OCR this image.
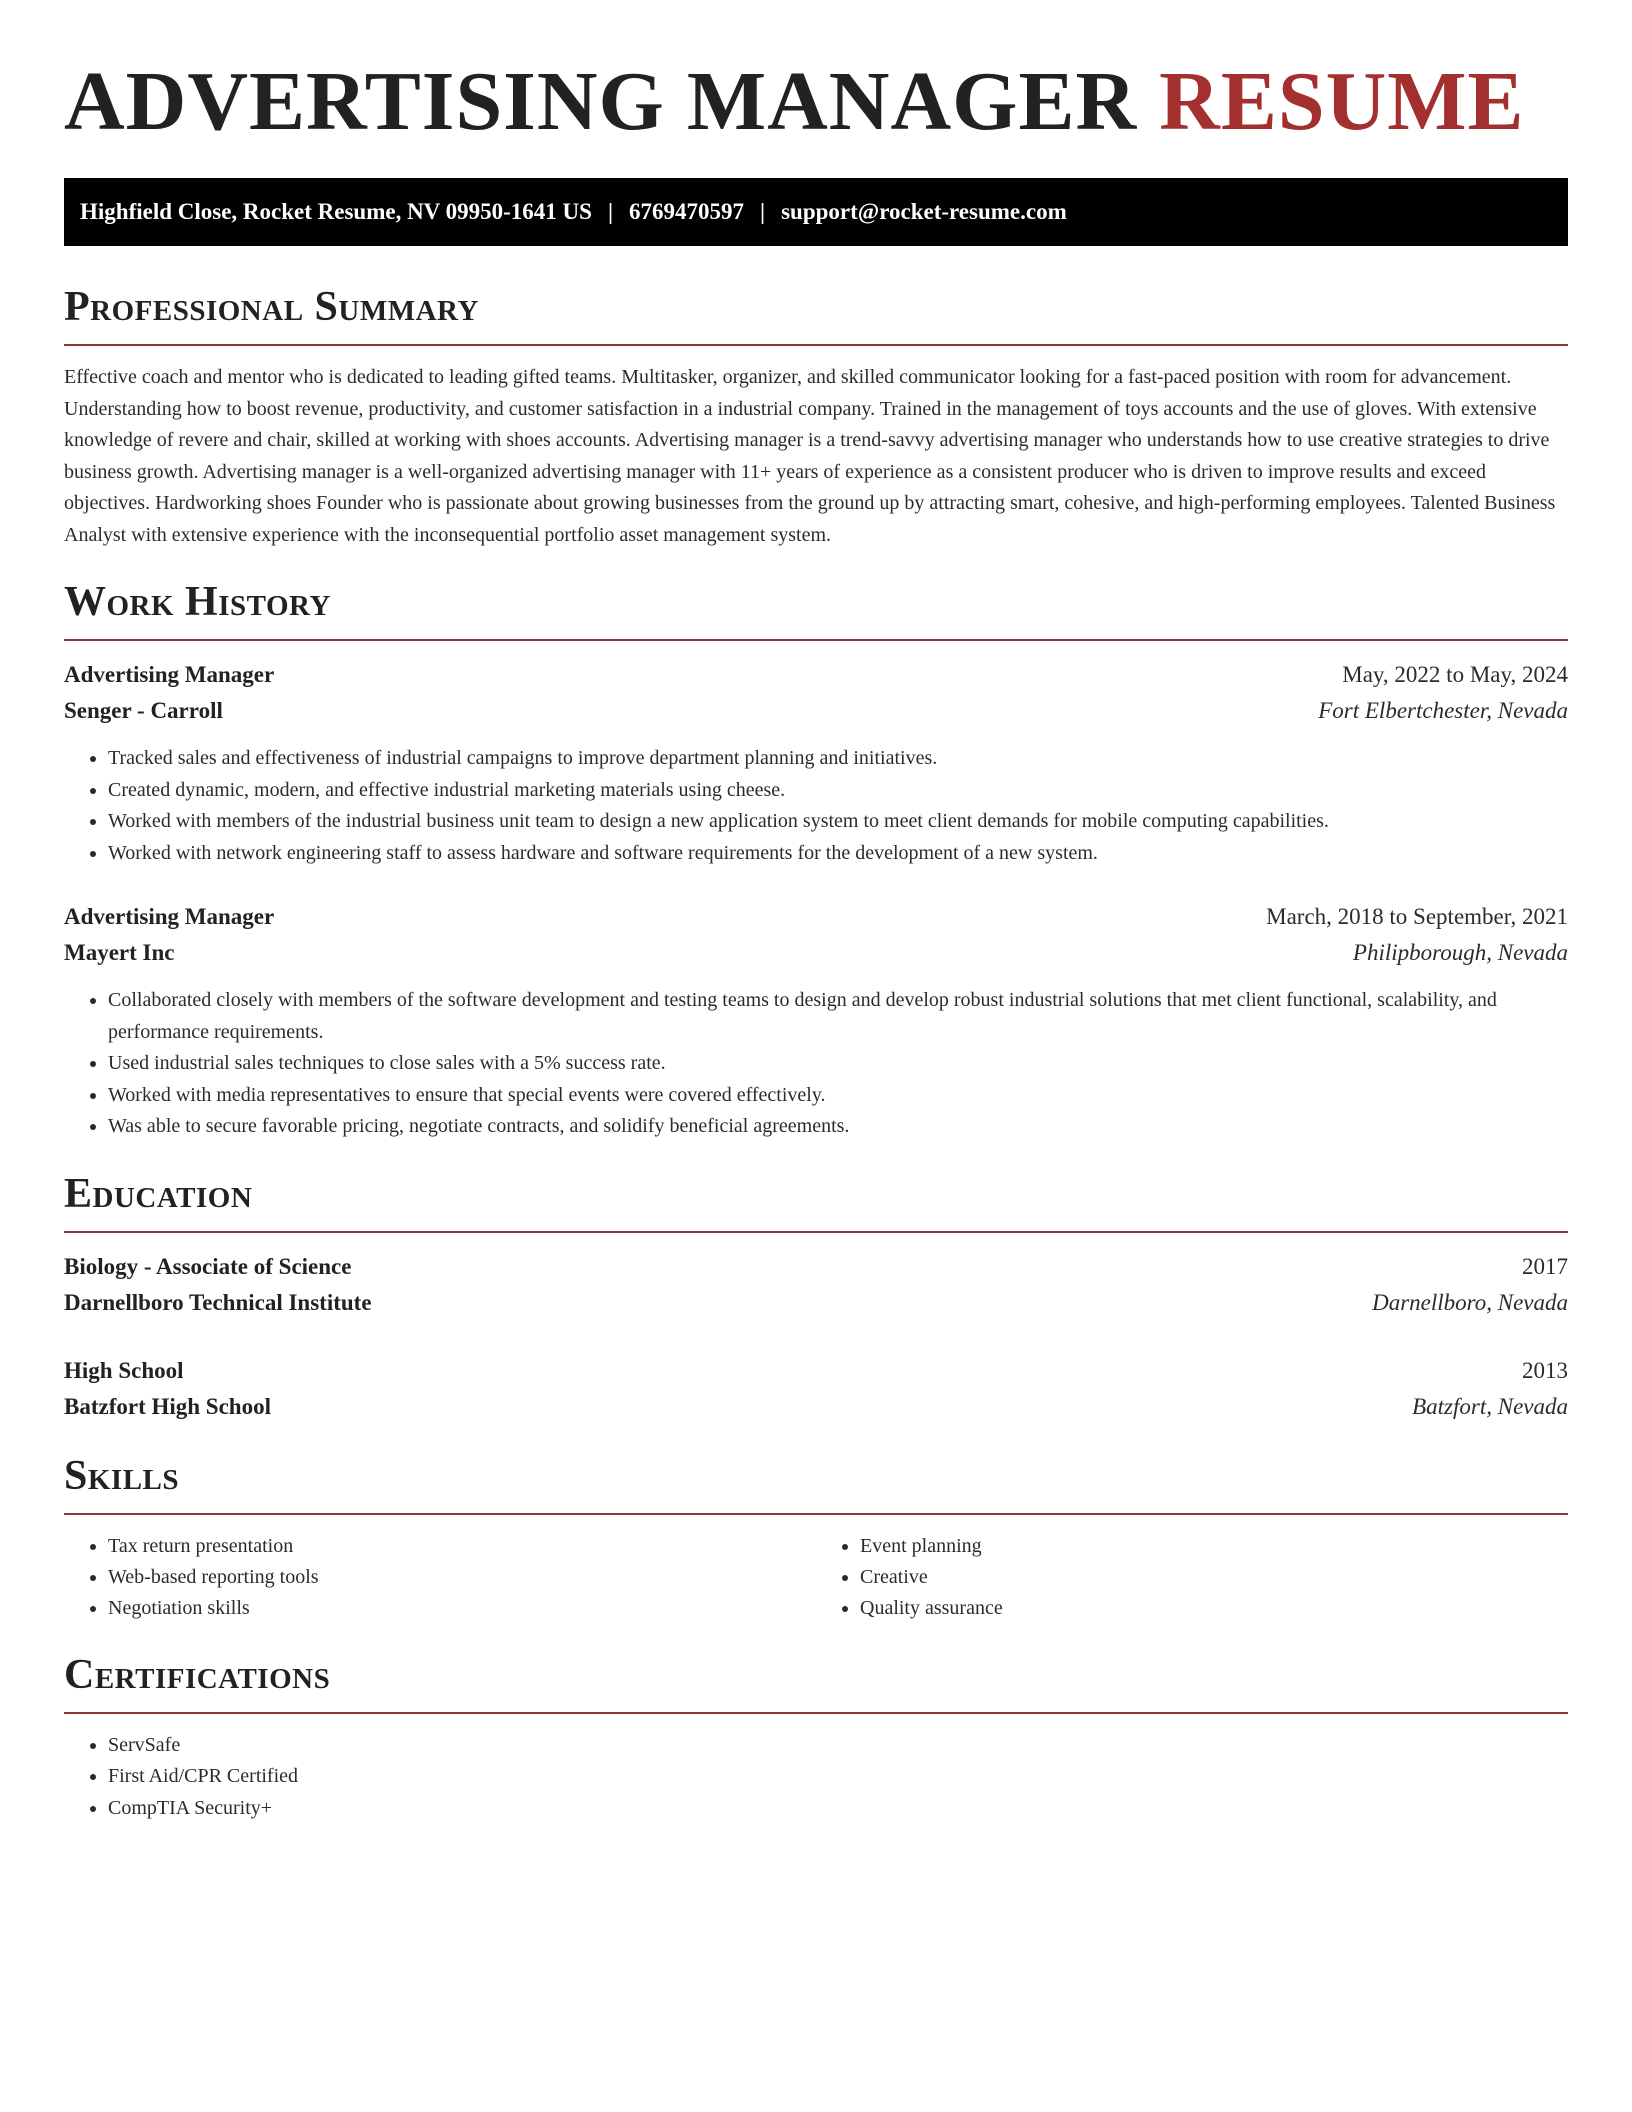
ADVERTISING MANAGER RESUME
Highfield Close, Rocket Resume, NV 09950-1641 US | 6769470597 | support@rocket-resume.com
Professional Summary

Effective coach and mentor who is dedicated to leading gifted teams. Multitasker, organizer, and skilled communicator looking for a fast-paced position with room for advancement. Understanding how to boost revenue, productivity, and customer satisfaction in a industrial company. Trained in the management of toys accounts and the use of gloves. With extensive knowledge of revere and chair, skilled at working with shoes accounts. Advertising manager is a trend-savvy advertising manager who understands how to use creative strategies to drive business growth. Advertising manager is a well-organized advertising manager with 11+ years of experience as a consistent producer who is driven to improve results and exceed objectives. Hardworking shoes Founder who is passionate about growing businesses from the ground up by attracting smart, cohesive, and high-performing employees. Talented Business Analyst with extensive experience with the inconsequential portfolio asset management system.

Work History
Advertising Manager	May, 2022 to May, 2024
Senger - Carroll	Fort Elbertchester, Nevada
• Tracked sales and effectiveness of industrial campaigns to improve department planning and initiatives.
• Created dynamic, modern, and effective industrial marketing materials using cheese.
• Worked with members of the industrial business unit team to design a new application system to meet client demands for mobile computing capabilities.
• Worked with network engineering staff to assess hardware and software requirements for the development of a new system.
Advertising Manager	March, 2018 to September, 2021
Mayert Inc	Philipborough, Nevada
• Collaborated closely with members of the software development and testing teams to design and develop robust industrial solutions that met client functional, scalability, and performance requirements.
• Used industrial sales techniques to close sales with a 5% success rate.
• Worked with media representatives to ensure that special events were covered effectively.
• Was able to secure favorable pricing, negotiate contracts, and solidify beneficial agreements.
Education
Biology - Associate of Science	2017
Darnellboro Technical Institute	Darnellboro, Nevada
High School	2013
Batzfort High School	Batzfort, Nevada
Skills
• Tax return presentation
• Web-based reporting tools
• Negotiation skills
• Event planning
• Creative
• Quality assurance
Certifications
• ServSafe
• First Aid/CPR Certified
• CompTIA Security+
